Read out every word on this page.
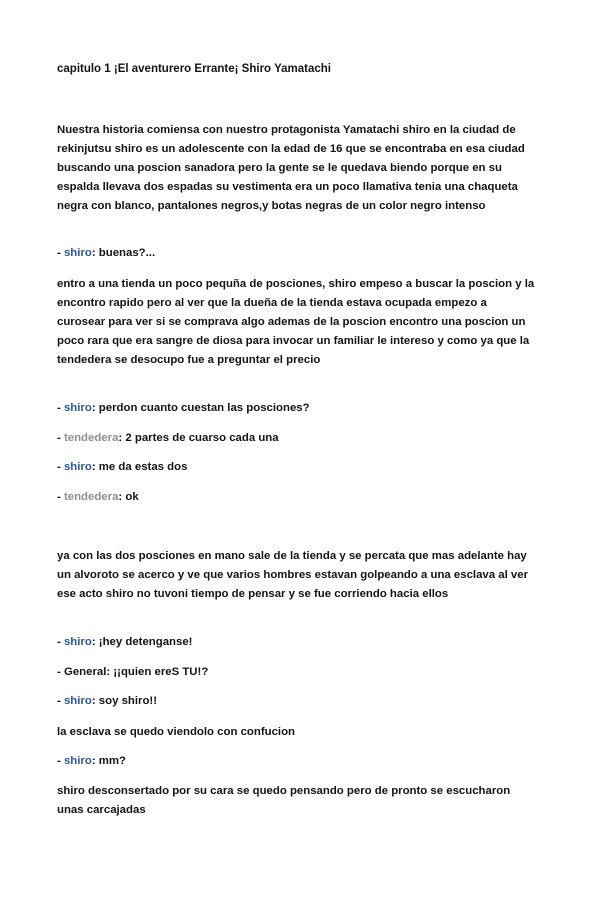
capitulo 1 ¡El aventurero Errante¡ Shiro Yamatachi

Nuestra historia comiensa con nuestro protagonista Yamatachi shiro en la ciudad de rekinjutsu shiro es un adolescente con la edad de 16 que se encontraba en esa ciudad buscando una poscion sanadora pero la gente se le quedava biendo porque en su espalda llevava dos espadas su vestimenta era un poco llamativa tenia una chaqueta negra con blanco, pantalones negros,y botas negras de un color negro intenso

- shiro: buenas?...

entro a una tienda un poco pequña de posciones, shiro empeso a buscar la poscion y la encontro rapido pero al ver que la dueña de la tienda estava ocupada empezo a curosear para ver si se comprava algo ademas de la poscion encontro una poscion un poco rara que era sangre de diosa para invocar un familiar le intereso y como ya que la tendedera se desocupo fue a preguntar el precio

- shiro: perdon cuanto cuestan las posciones?
- tendedera: 2 partes de cuarso cada una
- shiro: me da estas dos
- tendedera: ok

ya con las dos posciones en mano sale de la tienda y se percata que mas adelante hay un alvoroto se acerco y ve que varios hombres estavan golpeando a una esclava al ver ese acto shiro no tuvoni tiempo de pensar y se fue corriendo hacia ellos

- shiro: ¡hey detenganse!
- General: ¡¡quien ereS TU!?
- shiro: soy shiro!!

la esclava se quedo viendolo con confucion

- shiro: mm?

shiro desconsertado por su cara se quedo pensando pero de pronto se escucharon unas carcajadas
